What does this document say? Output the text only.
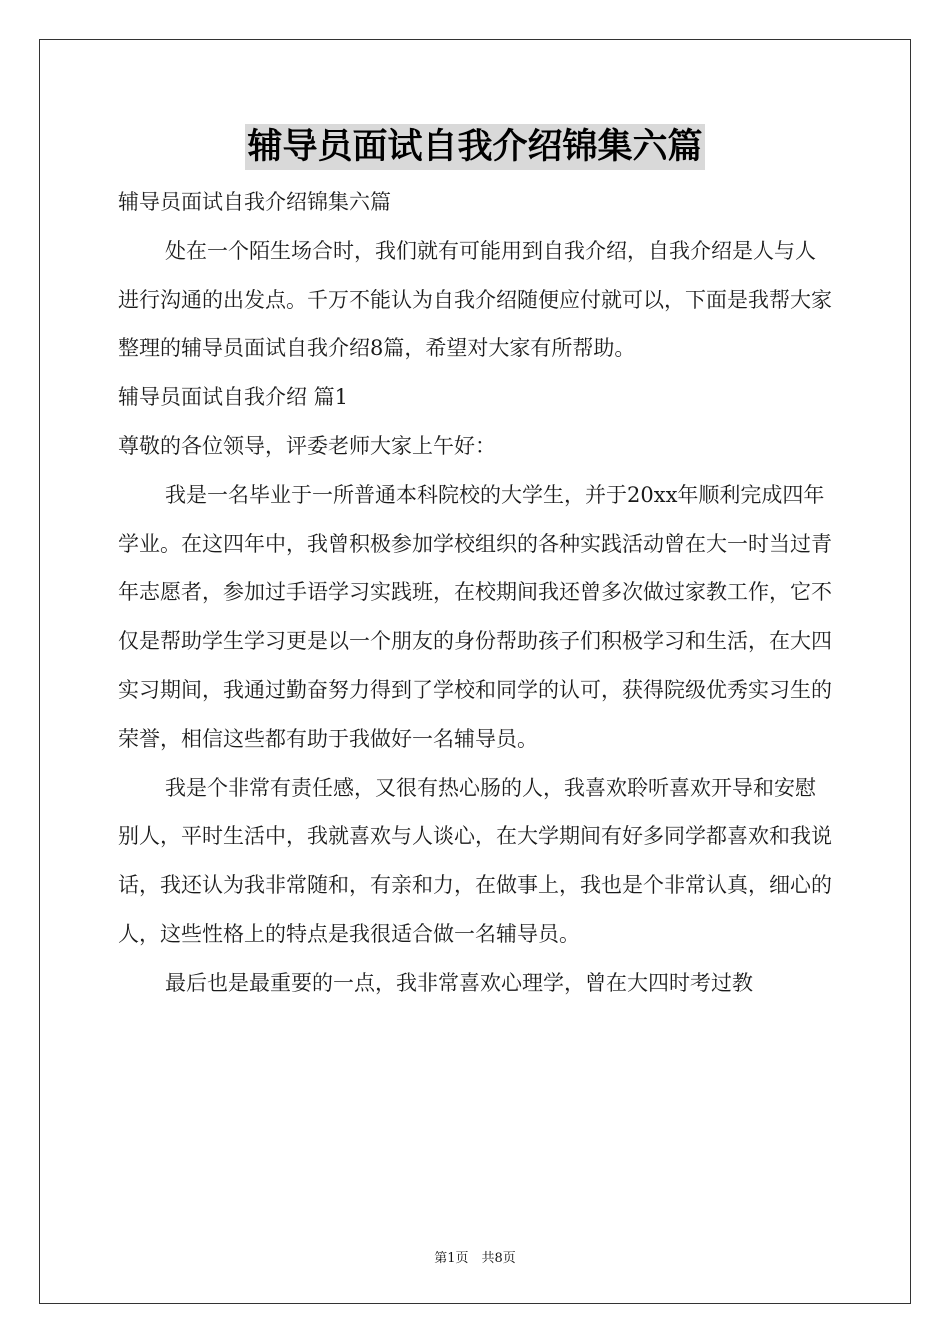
辅导员面试自我介绍锦集六篇

辅导员面试自我介绍锦集六篇

处在一个陌生场合时，我们就有可能用到自我介绍，自我介绍是人与人进行沟通的出发点。千万不能认为自我介绍随便应付就可以，下面是我帮大家整理的辅导员面试自我介绍8篇，希望对大家有所帮助。

辅导员面试自我介绍 篇1

尊敬的各位领导，评委老师大家上午好：

我是一名毕业于一所普通本科院校的大学生，并于20xx年顺利完成四年学业。在这四年中，我曾积极参加学校组织的各种实践活动曾在大一时当过青年志愿者，参加过手语学习实践班，在校期间我还曾多次做过家教工作，它不仅是帮助学生学习更是以一个朋友的身份帮助孩子们积极学习和生活，在大四实习期间，我通过勤奋努力得到了学校和同学的认可，获得院级优秀实习生的荣誉，相信这些都有助于我做好一名辅导员。

我是个非常有责任感，又很有热心肠的人，我喜欢聆听喜欢开导和安慰别人，平时生活中，我就喜欢与人谈心，在大学期间有好多同学都喜欢和我说话，我还认为我非常随和，有亲和力，在做事上，我也是个非常认真，细心的人，这些性格上的特点是我很适合做一名辅导员。

最后也是最重要的一点，我非常喜欢心理学，曾在大四时考过教

第1页　共8页
